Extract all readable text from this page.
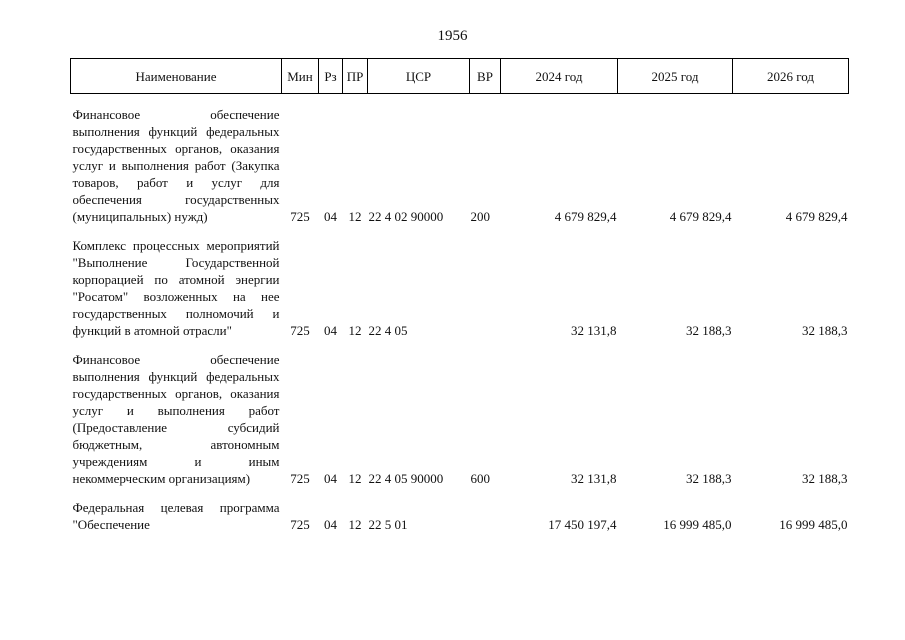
1956
Наименование	Мин	Рз	ПР	ЦСР	ВР	2024 год	2025 год	2026 год
Финансовое обеспечение выполнения функций федеральных государственных органов, оказания услуг и выполнения работ (Закупка товаров, работ и услуг для обеспечения государственных (муниципальных) нужд)	725	04	12	22 4 02 90000	200	4 679 829,4	4 679 829,4	4 679 829,4
Комплекс процессных мероприятий "Выполнение Государственной корпорацией по атомной энергии "Росатом" возложенных на нее государственных полномочий и функций в атомной отрасли"	725	04	12	22 4 05		32 131,8	32 188,3	32 188,3
Финансовое обеспечение выполнения функций федеральных государственных органов, оказания услуг и выполнения работ (Предоставление субсидий бюджетным, автономным учреждениям и иным некоммерческим организациям)	725	04	12	22 4 05 90000	600	32 131,8	32 188,3	32 188,3
Федеральная целевая программа "Обеспечение	725	04	12	22 5 01		17 450 197,4	16 999 485,0	16 999 485,0
